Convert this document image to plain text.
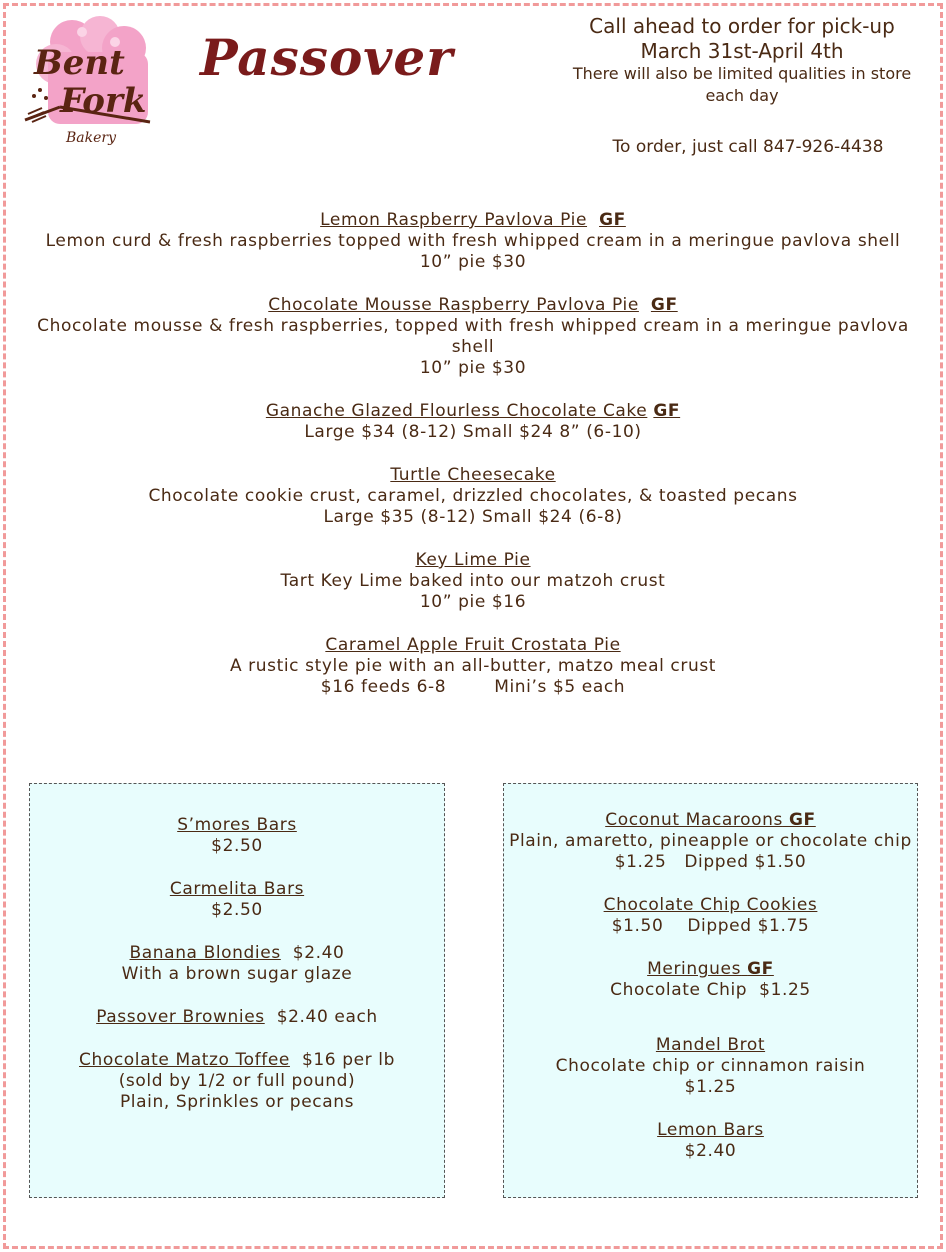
Bent
Fork
Bakery
Passover
Call ahead to order for pick-up
March 31st-April 4th
There will also be limited qualities in store each day
To order, just call 847-926-4438
Lemon Raspberry Pavlova Pie GF
Lemon curd & fresh raspberries topped with fresh whipped cream in a meringue pavlova shell
10” pie $30
Chocolate Mousse Raspberry Pavlova Pie GF
Chocolate mousse & fresh raspberries, topped with fresh whipped cream in a meringue pavlova shell
10” pie $30
Ganache Glazed Flourless Chocolate Cake GF
Large $34 (8-12) Small $24 8” (6-10)
Turtle Cheesecake
Chocolate cookie crust, caramel, drizzled chocolates, & toasted pecans
Large $35 (8-12) Small $24 (6-8)
Key Lime Pie
Tart Key Lime baked into our matzoh crust
10” pie $16
Caramel Apple Fruit Crostata Pie
A rustic style pie with an all-butter, matzo meal crust
$16 feeds 6-8        Mini’s $5 each
S’mores Bars
$2.50
Carmelita Bars
$2.50
Banana Blondies  $2.40
With a brown sugar glaze
Passover Brownies  $2.40 each
Chocolate Matzo Toffee  $16 per lb
(sold by 1/2 or full pound)
Plain, Sprinkles or pecans
Coconut Macaroons GF
Plain, amaretto, pineapple or chocolate chip
$1.25   Dipped $1.50
Chocolate Chip Cookies
$1.50    Dipped $1.75
Meringues GF
Chocolate Chip  $1.25
Mandel Brot
Chocolate chip or cinnamon raisin
$1.25
Lemon Bars
$2.40
